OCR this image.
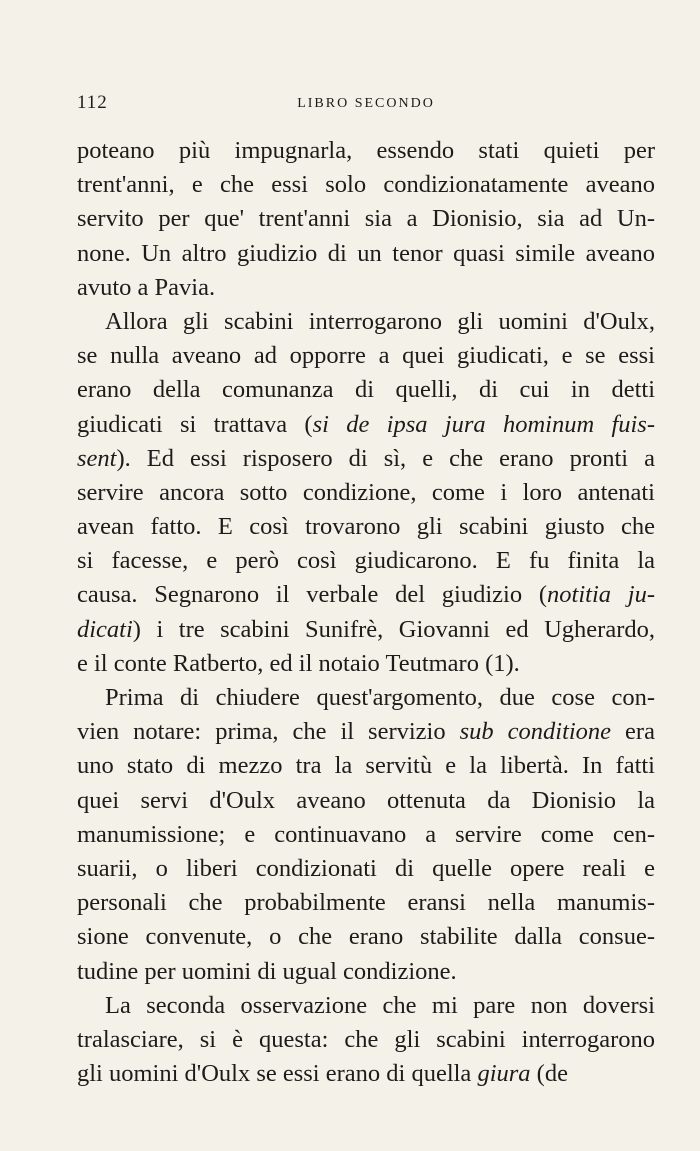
112	LIBRO SECONDO

poteano più impugnarla, essendo stati quieti per
trent'anni, e che essi solo condizionatamente aveano
servito per que' trent'anni sia a Dionisio, sia ad Un-
none. Un altro giudizio di un tenor quasi simile aveano
avuto a Pavia.

Allora gli scabini interrogarono gli uomini d'Oulx,
se nulla aveano ad opporre a quei giudicati, e se essi
erano della comunanza di quelli, di cui in detti
giudicati si trattava (si de ipsa jura hominum fuis-
sent). Ed essi risposero di sì, e che erano pronti a
servire ancora sotto condizione, come i loro antenati
avean fatto. E così trovarono gli scabini giusto che
si facesse, e però così giudicarono. E fu finita la
causa. Segnarono il verbale del giudizio (notitia ju-
dicati) i tre scabini Sunifrè, Giovanni ed Ugherardo,
e il conte Ratberto, ed il notaio Teutmaro (1).

Prima di chiudere quest'argomento, due cose con-
vien notare: prima, che il servizio sub conditione era
uno stato di mezzo tra la servitù e la libertà. In fatti
quei servi d'Oulx aveano ottenuta da Dionisio la
manumissione; e continuavano a servire come cen-
suarii, o liberi condizionati di quelle opere reali e
personali che probabilmente eransi nella manumis-
sione convenute, o che erano stabilite dalla consue-
tudine per uomini di ugual condizione.

La seconda osservazione che mi pare non doversi
tralasciare, si è questa: che gli scabini interrogarono
gli uomini d'Oulx se essi erano di quella giura (de
